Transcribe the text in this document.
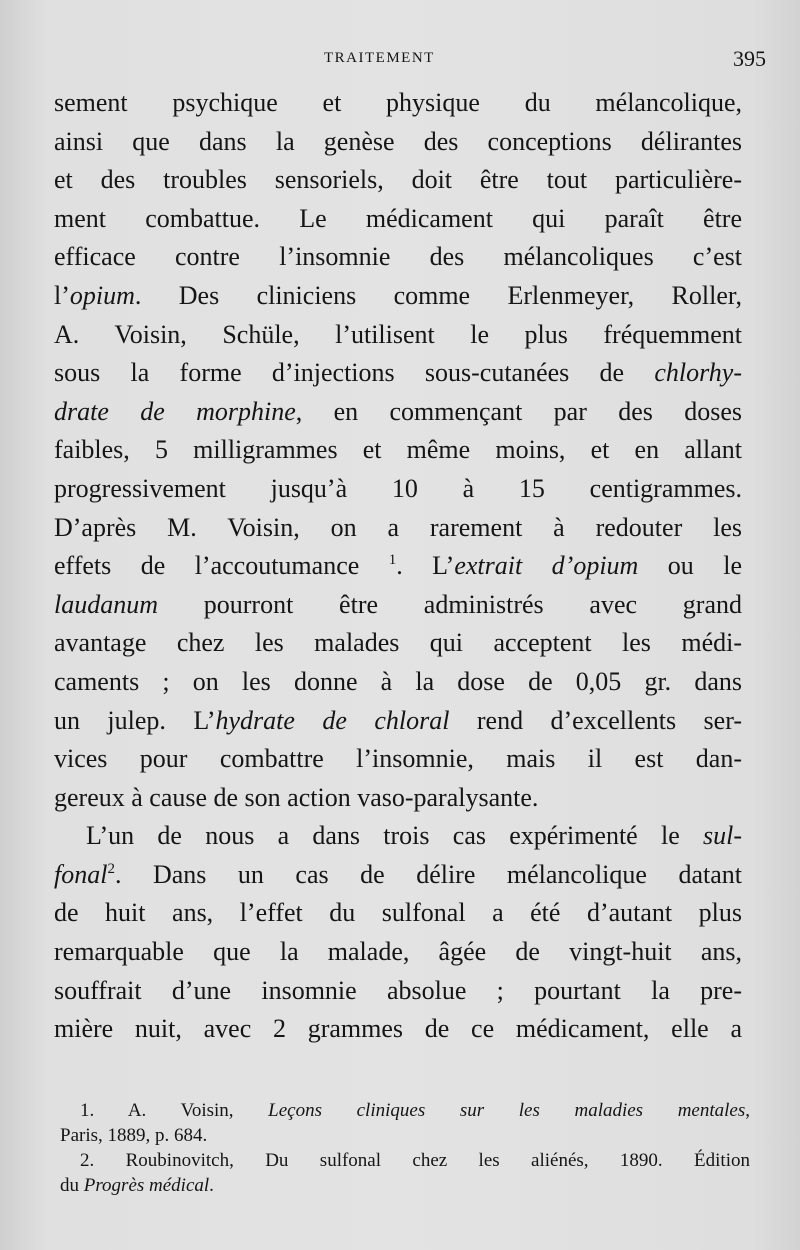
TRAITEMENT	395
sement psychique et physique du mélancolique,
ainsi que dans la genèse des conceptions délirantes
et des troubles sensoriels, doit être tout particulière-
ment combattue. Le médicament qui paraît être
efficace contre l’insomnie des mélancoliques c’est
l’opium. Des cliniciens comme Erlenmeyer, Roller,
A. Voisin, Schüle, l’utilisent le plus fréquemment
sous la forme d’injections sous-cutanées de chlorhy-
drate de morphine, en commençant par des doses
faibles, 5 milligrammes et même moins, et en allant
progressivement jusqu’à 10 à 15 centigrammes.
D’après M. Voisin, on a rarement à redouter les
effets de l’accoutumance $^1$. L’extrait d’opium ou le
laudanum pourront être administrés avec grand
avantage chez les malades qui acceptent les médi-
caments ; on les donne à la dose de 0,05 gr. dans
un julep. L’hydrate de chloral rend d’excellents ser-
vices pour combattre l’insomnie, mais il est dan-
gereux à cause de son action vaso-paralysante.
L’un de nous a dans trois cas expérimenté le sul-
fonal$^2$. Dans un cas de délire mélancolique datant
de huit ans, l’effet du sulfonal a été d’autant plus
remarquable que la malade, âgée de vingt-huit ans,
souffrait d’une insomnie absolue ; pourtant la pre-
mière nuit, avec 2 grammes de ce médicament, elle a
1. A. Voisin, Leçons cliniques sur les maladies mentales,
Paris, 1889, p. 684.
2. Roubinovitch, Du sulfonal chez les aliénés, 1890. Édition
du Progrès médical.
